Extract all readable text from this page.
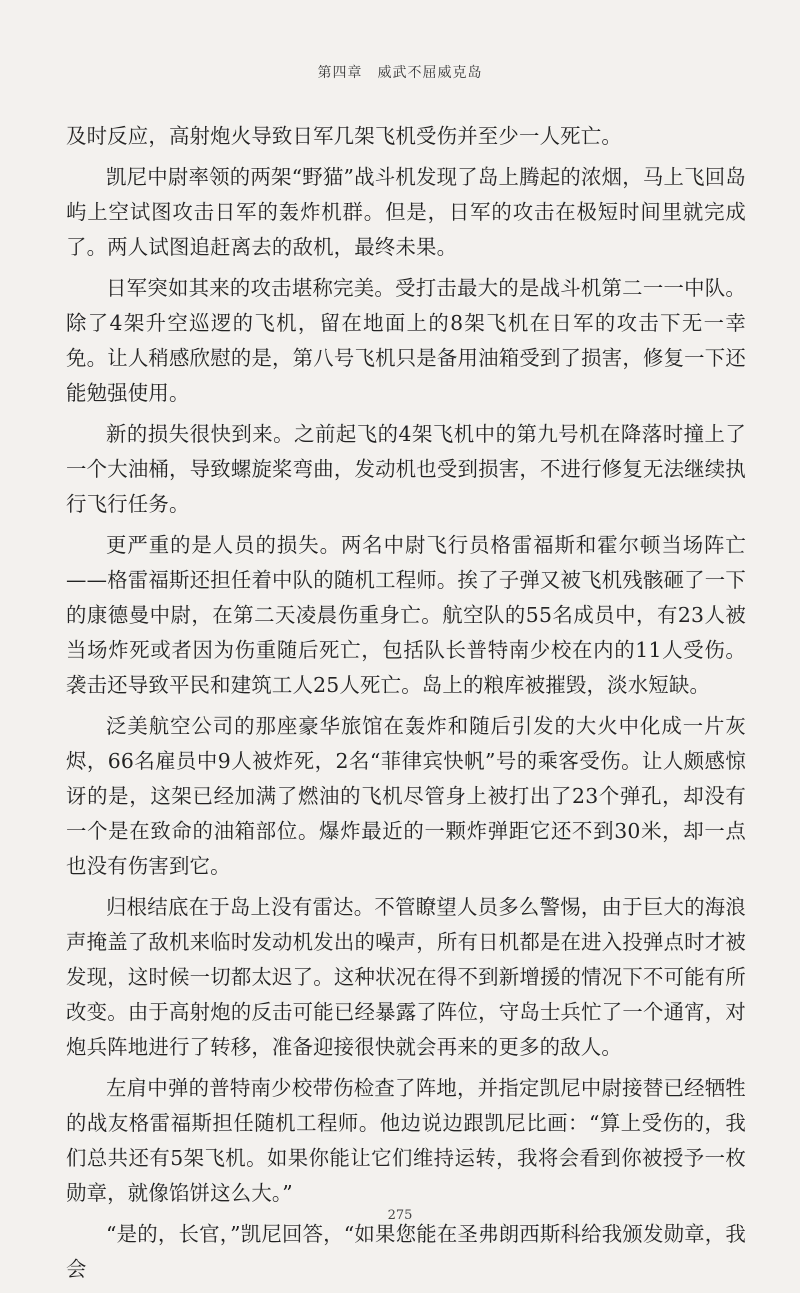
第四章　威武不屈威克岛

及时反应，高射炮火导致日军几架飞机受伤并至少一人死亡。

凯尼中尉率领的两架“野猫”战斗机发现了岛上腾起的浓烟，马上飞回岛屿上空试图攻击日军的轰炸机群。但是，日军的攻击在极短时间里就完成了。两人试图追赶离去的敌机，最终未果。

日军突如其来的攻击堪称完美。受打击最大的是战斗机第二一一中队。除了4架升空巡逻的飞机，留在地面上的8架飞机在日军的攻击下无一幸免。让人稍感欣慰的是，第八号飞机只是备用油箱受到了损害，修复一下还能勉强使用。

新的损失很快到来。之前起飞的4架飞机中的第九号机在降落时撞上了一个大油桶，导致螺旋桨弯曲，发动机也受到损害，不进行修复无法继续执行飞行任务。

更严重的是人员的损失。两名中尉飞行员格雷福斯和霍尔顿当场阵亡——格雷福斯还担任着中队的随机工程师。挨了子弹又被飞机残骸砸了一下的康德曼中尉，在第二天凌晨伤重身亡。航空队的55名成员中，有23人被当场炸死或者因为伤重随后死亡，包括队长普特南少校在内的11人受伤。袭击还导致平民和建筑工人25人死亡。岛上的粮库被摧毁，淡水短缺。

泛美航空公司的那座豪华旅馆在轰炸和随后引发的大火中化成一片灰烬，66名雇员中9人被炸死，2名“菲律宾快帆”号的乘客受伤。让人颇感惊讶的是，这架已经加满了燃油的飞机尽管身上被打出了23个弹孔，却没有一个是在致命的油箱部位。爆炸最近的一颗炸弹距它还不到30米，却一点也没有伤害到它。

归根结底在于岛上没有雷达。不管瞭望人员多么警惕，由于巨大的海浪声掩盖了敌机来临时发动机发出的噪声，所有日机都是在进入投弹点时才被发现，这时候一切都太迟了。这种状况在得不到新增援的情况下不可能有所改变。由于高射炮的反击可能已经暴露了阵位，守岛士兵忙了一个通宵，对炮兵阵地进行了转移，准备迎接很快就会再来的更多的敌人。

左肩中弹的普特南少校带伤检查了阵地，并指定凯尼中尉接替已经牺牲的战友格雷福斯担任随机工程师。他边说边跟凯尼比画：“算上受伤的，我们总共还有5架飞机。如果你能让它们维持运转，我将会看到你被授予一枚勋章，就像馅饼这么大。”

“是的，长官，”凯尼回答，“如果您能在圣弗朗西斯科给我颁发勋章，我会

275
